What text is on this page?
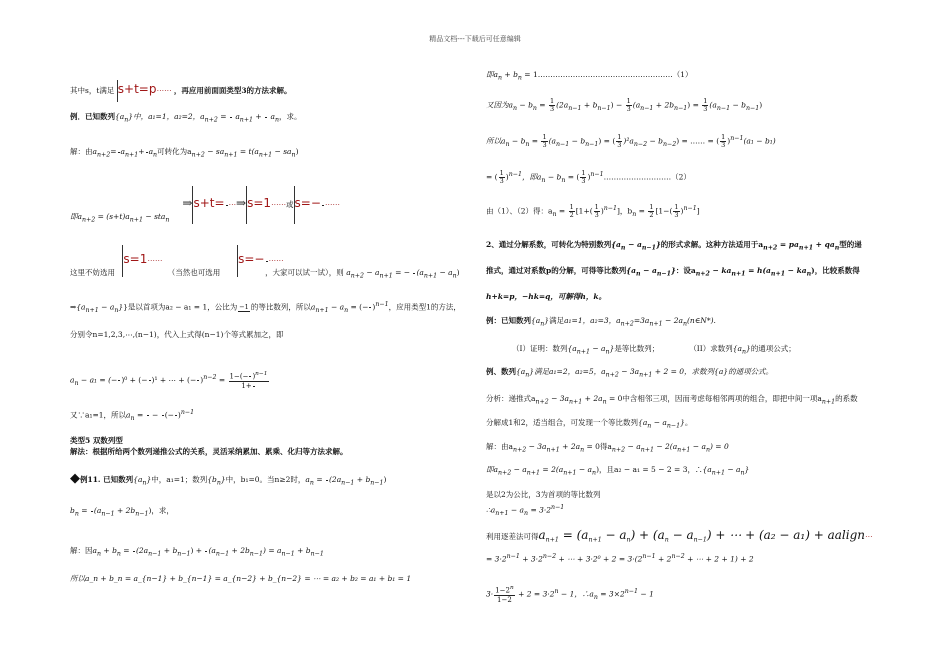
精品文档---下载后可任意编辑
其中s，t满足 s+t=p⋯⋯ ，再应用前面面类型3的方法求解。
例．已知数列$\{a_n\}$中，a₁=1，a₂=2，$a_{n+2}$ =
$a_{n+1}$ +
$a_n$，求。
解：由$a_{n+2}= a_{n+1}+ a_n$可转化为$a_{n+2} - sa_{n+1} = t(a_{n+1} - sa_n)$
⇒s+t= ⋯⇒s=1⋯⋯或s=− ⋯⋯
即$a_{n+2} = (s+t)a_{n+1} - sta_n$
s=1⋯⋯	s=− ⋯⋯
这里不妨选用	（当然也可选用	，大家可以试一试），则 $a_{n+2} - a_{n+1}$ = −
$(a_{n+1} - a_n)$
$\Rightarrow\{a_{n+1} - a_n\}$}是以首项为a₂ − a₁ = 1，公比为 −1 的等比数列，所以$a_{n+1} - a_n$ = (− )$^{n-1}$，应用类型1的方法，
分别令n=1,2,3,⋯,(n−1)，代入上式得(n−1)个等式累加之，即
$a_n - a_1$ = (− )⁰ + (− )¹ + ⋯ + (− )$^{n-2} = \frac{1-(- )^{n-1}}{1+}$
又∵a₁=1，所以$a_n$ =
−
(− )$^{n-1}$
类型5 双数列型
解法：根据所给两个数列递推公式的关系，灵活采纳累加、累乘、化归等方法求解。
◆例11. 已知数列$\{a_n\}$中，a₁=1；数列$\{b_n\}$中，b₁=0。当n≥2时，$a_n$ =
$(2a_{n-1} + b_{n-1})$
$b_n$ =
$(a_{n-1} + 2b_{n-1})$，求，
解：因$a_n + b_n$ =
$(2a_{n-1} + b_{n-1})$ +
$(a_{n-1} + 2b_{n-1}) = a_{n-1} + b_{n-1}$
所以a_n + b_n = a_{n−1} + b_{n−1} = a_{n−2} + b_{n−2} = ⋯ = a₂ + b₂ = a₁ + b₁ = 1
即$a_n + b_n$ = 1………………………………………………（1）
又因为$a_n - b_n = \frac{1}{3} (2a_{n-1} + b_{n-1}) - \frac{1}{3} (a_{n-1} + 2b_{n-1}) = \frac{1}{3} (a_{n-1} - b_{n-1})$
所以$a_n - b_n = \frac{1}{3} (a_{n-1} - b_{n-1})$ = ( $\frac{1}{3} )^2a_{n-2} - b_{n-2}$) = …… = ( $\frac{1}{3} )^{n-1}(a_1 - b_1)$
= ( $\frac{1}{3} )^{n-1}$，即$a_n - b_n$ = ( $\frac{1}{3}$ )$^{n-1}$………………………（2）
由（1）、（2）得：$a_n = \frac{1}{2} [1+( \frac{1}{3} )^{n-1}]$，$b_n = \frac{1}{2} [1-( \frac{1}{3} )^{n-1}]$
2、通过分解系数，可转化为特别数列$\{a_n - a_{n-1}\}$的形式求解。这种方法适用于$a_{n+2} = pa_{n+1} + qa_n$型的递
推式，通过对系数p的分解，可得等比数列$\{a_n - a_{n-1}\}$：设$a_{n+2} - ka_{n+1} = h(a_{n+1} - ka_n)$，比较系数得
h+k=p，−hk=q，可解得h，k。
例：已知数列$\{a_n\}$满足a₁=1，a₂=3，$a_{n+2}=3a_{n+1}$ − $2a_n(n\in N*)$.
（I）证明：数列$\{a_{n+1} - a_n\}$是等比数列；	（II）求数列$\{a_n\}$的通项公式；
例、数列$\{a_n\}$满足a₁=2，a₂=5，$a_{n+2} - 3a_{n+1} + 2 = 0$，求数列{a}的通项公式。
分析：递推式$a_{n+2} - 3a_{n+1} + 2a_n = 0$中含相邻三项，因而考虑每相邻两项的组合，即把中间一项$a_{n+1}$的系数
分解成1和2，适当组合，可发现一个等比数列$\{a_n - a_{n-1}\}$。
解：由$a_{n+2} - 3a_{n+1} + 2a_n = 0$得$a_{n+2} - a_{n+1} - 2(a_{n+1} - a_n) = 0$
即$a_{n+2} - a_{n+1} = 2(a_{n+1} - a_n)$，且a₂ − a₁ = 5 − 2 = 3，$\therefore\{a_{n+1} - a_n\}$
是以2为公比，3为首项的等比数列
$\therefore a_{n+1} - a_n = 3\cdot 2^{n-1}$
利用逐差法可得$a_{n+1} = (a_{n+1} - a_n) + (a_n - a_{n-1})$ + ⋯ + (a₂ − a₁) + aalign⋯
= $3\cdot 2^{n-1} + 3\cdot 2^{n-2}$ + ⋯ + $3\cdot 2^0 + 2 = 3\cdot(2^{n-1} + 2^{n-2}$ + ⋯ + 2 + 1) + 2
$3\cdot \frac{1-2^n}{1-2} + 2 = 3\cdot 2^n - 1$，$\therefore a_n = 3\times 2^{n-1} - 1$
